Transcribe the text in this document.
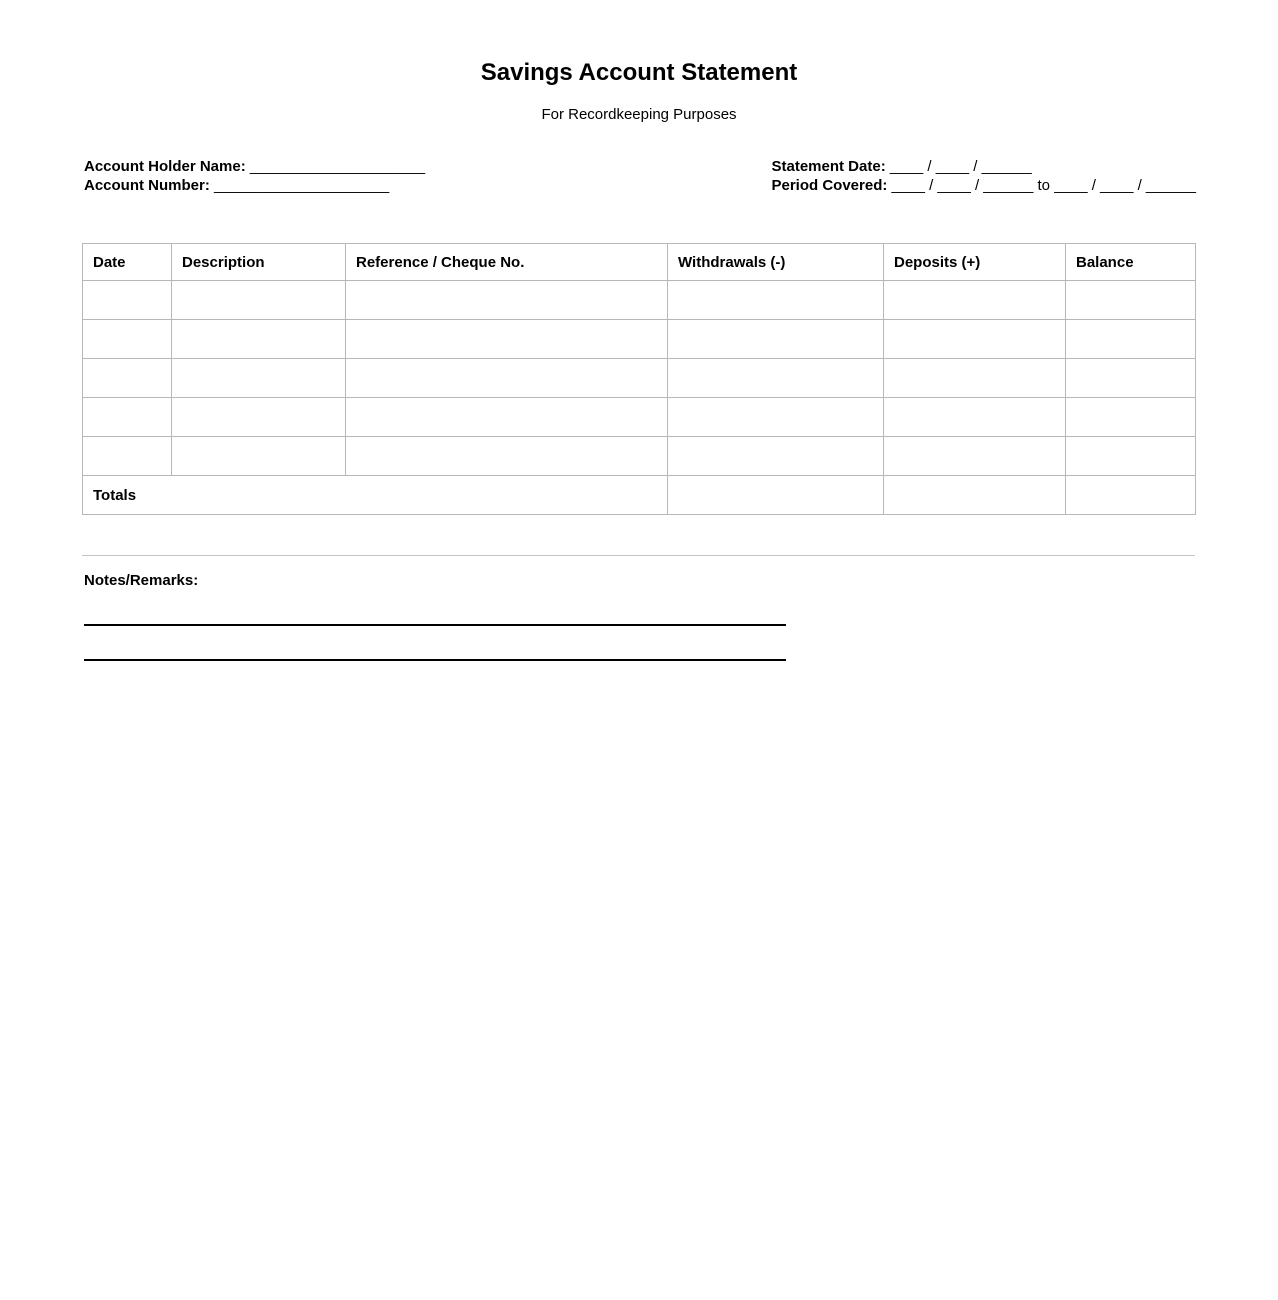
Savings Account Statement
For Recordkeeping Purposes
Account Holder Name: _____________________
Account Number: _____________________
Statement Date: ____ / ____ / ______
Period Covered: ____ / ____ / ______ to ____ / ____ / ______
Date	Description	Reference / Cheque No.	Withdrawals (-)	Deposits (+)	Balance

Totals					
Notes/Remarks:
